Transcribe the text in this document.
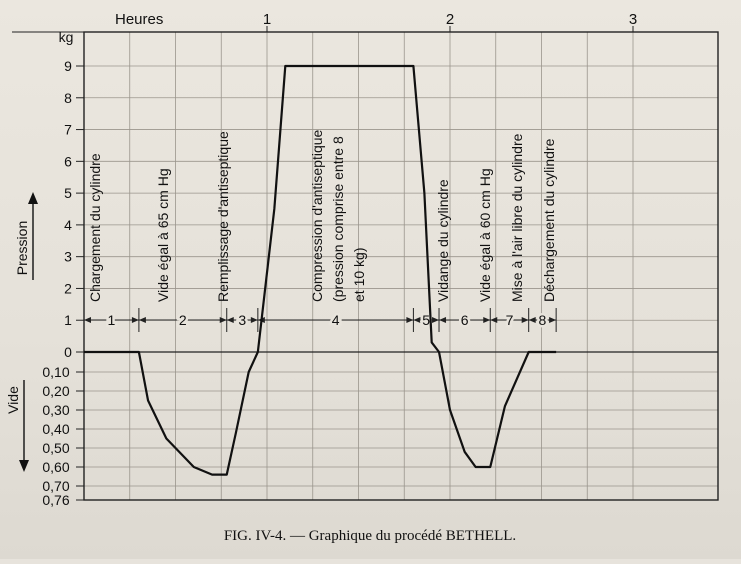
1
Chargement du cylindre
2
Vide égal à 65 cm Hg
3
Remplissage d'antiseptique
4
Compression d'antiseptique (pression comprise entre 8 et 10 kg)
5
Vidange du cylindre
6
Vide égal à 60 cm Hg
7
Mise à l'air libre du cylindre
8
Déchargement du cylindre
Heures	1	2	3
kg
9
8
7
6
5
4
3
2
1
0
0,10
0,20
0,30
0,40
0,50
0,60
0,70
0,76
Pression
Vide
FIG. IV-4. — Graphique du procédé BETHELL.
